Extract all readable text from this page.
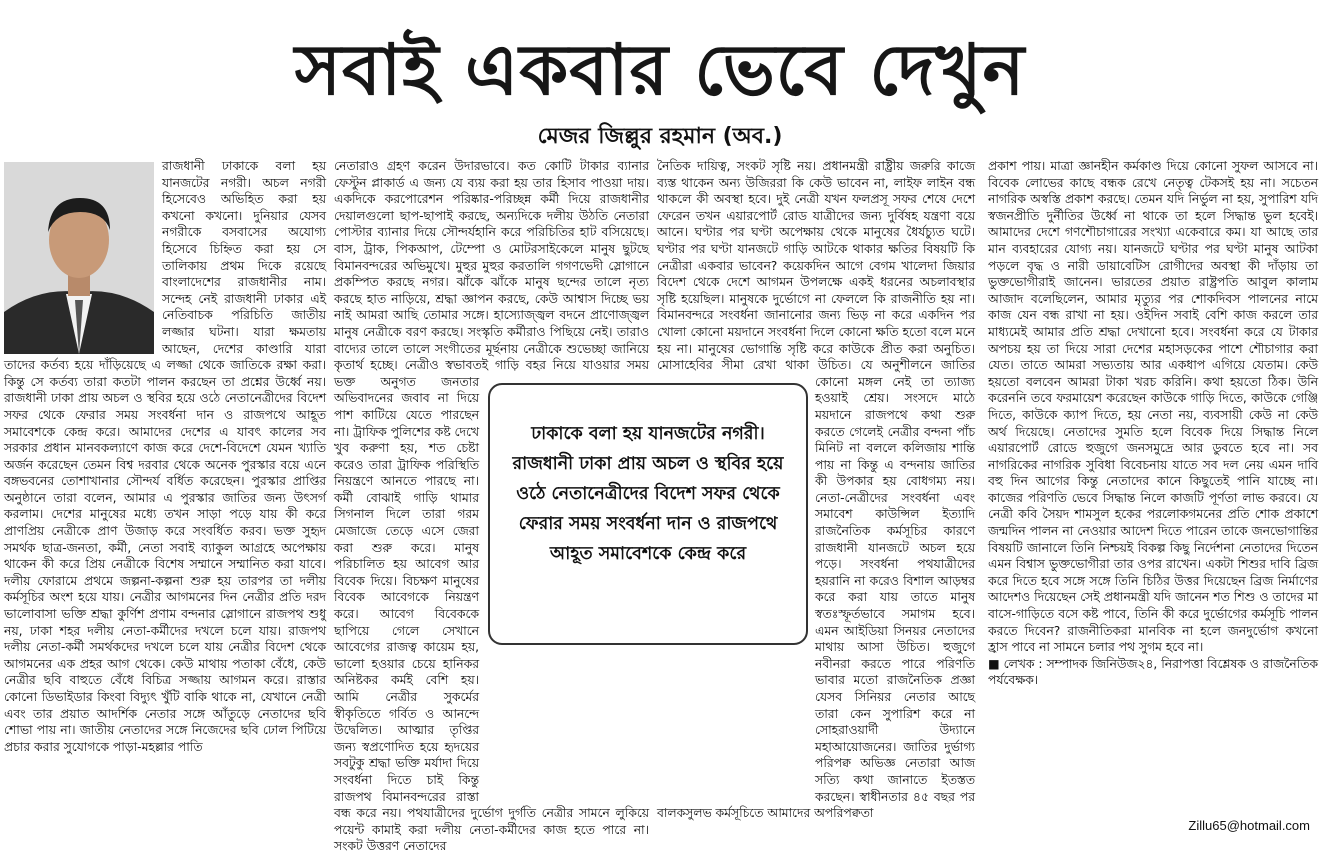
সবাই একবার ভেবে দেখুন
মেজর জিল্লুর রহমান (অব.)

রাজধানী ঢাকাকে বলা হয় যানজটের নগরী। অচল নগরী হিসেবেও অভিহিত করা হয় কখনো কখনো। দুনিয়ার যেসব নগরীকে বসবাসের অযোগ্য হিসেবে চিহ্নিত করা হয় সে তালিকায় প্রথম দিকে রয়েছে বাংলাদেশের রাজধানীর নাম। সন্দেহ নেই রাজধানী ঢাকার এই নেতিবাচক পরিচিতি জাতীয় লজ্জার ঘটনা। যারা ক্ষমতায় আছেন, দেশের কাণ্ডারি যারা তাদের কর্তব্য হয়ে দাঁড়িয়েছে এ লজ্জা থেকে জাতিকে রক্ষা করা। কিন্তু সে কর্তব্য তারা কতটা পালন করছেন তা প্রশ্নের উর্ধ্বে নয়। রাজধানী ঢাকা প্রায় অচল ও স্থবির হয়ে ওঠে নেতানেত্রীদের বিদেশ সফর থেকে ফেরার সময় সংবর্ধনা দান ও রাজপথে আহূত সমাবেশকে কেন্দ্র করে। আমাদের দেশের এ যাবৎ কালের সব সরকার প্রধান মানবকল্যাণে কাজ করে দেশে-বিদেশে যেমন খ্যাতি অর্জন করেছেন তেমন বিশ্ব দরবার থেকে অনেক পুরস্কার বয়ে এনে বঙ্গভবনের তোশাখানার সৌন্দর্য বর্ধিত করেছেন। পুরস্কার প্রাপ্তির অনুষ্ঠানে তারা বলেন, আমার এ পুরস্কার জাতির জন্য উৎসর্গ করলাম। দেশের মানুষের মধ্যে তখন সাড়া পড়ে যায় কী করে প্রাণপ্রিয় নেত্রীকে প্রাণ উজাড় করে সংবর্ধিত করব। ভক্ত সুহৃদ সমর্থক ছাত্র-জনতা, কর্মী, নেতা সবাই ব্যাকুল আগ্রহে অপেক্ষায় থাকেন কী করে প্রিয় নেত্রীকে বিশেষ সম্মানে সম্মানিত করা যাবে। দলীয় ফোরামে প্রথমে জল্পনা-কল্পনা শুরু হয় তারপর তা দলীয় কর্মসূচির অংশ হয়ে যায়। নেত্রীর আগমনের দিন নেত্রীর প্রতি দরদ ভালোবাসা ভক্তি শ্রদ্ধা কুর্ণিশ প্রণাম বন্দনার স্লোগানে রাজপথ শুধু নয়, ঢাকা শহর দলীয় নেতা-কর্মীদের দখলে চলে যায়। রাজপথ দলীয় নেতা-কর্মী সমর্থকদের দখলে চলে যায় নেত্রীর বিদেশ থেকে আগমনের এক প্রহর আগ থেকে। কেউ মাথায় পতাকা বেঁধে, কেউ নেত্রীর ছবি বাহুতে বেঁধে বিচিত্র সজ্জায় আগমন করে। রাস্তার কোনো ডিভাইডার কিংবা বিদ্যুৎ খুঁটি বাকি থাকে না, যেখানে নেত্রী এবং তার প্রয়াত আদর্শিক নেতার সঙ্গে আঁতুড়ে নেতাদের ছবি শোভা পায় না। জাতীয় নেতাদের সঙ্গে নিজেদের ছবি ঢোল পিটিয়ে প্রচার করার সুযোগকে পাড়া-মহল্লার পাতি

নেতারাও গ্রহণ করেন উদারভাবে। কত কোটি টাকার ব্যানার ফেস্টুন প্লাকার্ড এ জন্য যে ব্যয় করা হয় তার হিসাব পাওয়া দায়। একদিকে করপোরেশন পরিষ্কার-পরিচ্ছন্ন কর্মী দিয়ে রাজধানীর দেয়ালগুলো ছাপ-ছাপাই করছে, অন্যদিকে দলীয় উঠতি নেতারা পোস্টার ব্যানার দিয়ে সৌন্দর্যহানি করে পরিচিতির হাট বসিয়েছে। বাস, ট্রাক, পিকআপ, টেম্পো ও মোটরসাইকেলে মানুষ ছুটছে বিমানবন্দরের অভিমুখে। মুহুর মুহুর করতালি গগণভেদী স্লোগানে প্রকম্পিত করছে নগর। ঝাঁকে ঝাঁকে মানুষ ছন্দের তালে নৃত্য করছে হাত নাড়িয়ে, শ্রদ্ধা জ্ঞাপন করছে, কেউ আশ্বাস দিচ্ছে ভয় নাই আমরা আছি তোমার সঙ্গে। হাস্যোজ্জ্বল বদনে প্রাণোজ্জ্বল মানুষ নেত্রীকে বরণ করছে। সংস্কৃতি কর্মীরাও পিছিয়ে নেই। তারাও বাদ্যের তালে তালে সংগীতের মূর্ছনায় নেত্রীকে শুভেচ্ছা জানিয়ে কৃতার্থ হচ্ছে। নেত্রীও স্বভাবতই গাড়ি বহর নিয়ে যাওয়ার সময় ভক্ত অনুগত জনতার অভিবাদনের জবাব না দিয়ে পাশ কাটিয়ে যেতে পারছেন না। ট্রাফিক পুলিশের কষ্ট দেখে খুব করুণা হয়, শত চেষ্টা করেও তারা ট্রাফিক পরিস্থিতি নিয়ন্ত্রণে আনতে পারছে না। কর্মী বোঝাই গাড়ি থামার সিগনাল দিলে তারা গরম মেজাজে তেড়ে এসে জেরা করা শুরু করে। মানুষ পরিচালিত হয় আবেগ আর বিবেক দিয়ে। বিচক্ষণ মানুষের বিবেক আবেগকে নিয়ন্ত্রণ করে। আবেগ বিবেককে ছাপিয়ে গেলে সেখানে আবেগের রাজত্ব কায়েম হয়, ভালো হওয়ার চেয়ে হানিকর অনিষ্টকর কর্মই বেশি হয়। আমি নেত্রীর সুকর্মের স্বীকৃতিতে গর্বিত ও আনন্দে উদ্বেলিত। আত্মার তৃপ্তির জন্য স্বপ্রণোদিত হয়ে হৃদয়ের সবটুকু শ্রদ্ধা ভক্তি মর্যাদা দিয়ে সংবর্ধনা দিতে চাই কিন্তু রাজপথ বিমানবন্দরের রাস্তা বন্ধ করে নয়। পথযাত্রীদের দুর্ভোগ দুর্গতি নেত্রীর সামনে লুকিয়ে পয়েন্ট কামাই করা দলীয় নেতা-কর্মীদের কাজ হতে পারে না। সংকট উত্তরণ নেতাদের

নৈতিক দায়িত্ব, সংকট সৃষ্টি নয়। প্রধানমন্ত্রী রাষ্ট্রীয় জরুরি কাজে ব্যস্ত থাকেন অন্য উজিররা কি কেউ ভাবেন না, লাইফ লাইন বন্ধ থাকলে কী অবস্থা হবে। দুই নেত্রী যখন ফলপ্রসূ সফর শেষে দেশে ফেরেন তখন এয়ারপোর্ট রোড যাত্রীদের জন্য দুর্বিষহ যন্ত্রণা বয়ে আনে। ঘণ্টার পর ঘণ্টা অপেক্ষায় থেকে মানুষের ধৈর্যচ্যুত ঘটে। ঘণ্টার পর ঘণ্টা যানজটে গাড়ি আটকে থাকার ক্ষতির বিষয়টি কি নেত্রীরা একবার ভাবেন? কয়েকদিন আগে বেগম খালেদা জিয়ার বিদেশ থেকে দেশে আগমন উপলক্ষে একই ধরনের অচলাবস্থার সৃষ্টি হয়েছিল। মানুষকে দুর্ভোগে না ফেললে কি রাজনীতি হয় না। বিমানবন্দরে সংবর্ধনা জানানোর জন্য ভিড় না করে একদিন পর খোলা কোনো ময়দানে সংবর্ধনা দিলে কোনো ক্ষতি হতো বলে মনে হয় না। মানুষের ভোগান্তি সৃষ্টি করে কাউকে প্রীত করা অনুচিত। মোসাহেবির সীমা রেখা থাকা উচিত। যে অনুশীলনে জাতির কোনো মঙ্গল নেই তা ত্যাজ্য হওয়াই শ্রেয়। সংসদে মাঠে ময়দানে রাজপথে কথা শুরু করতে গেলেই নেত্রীর বন্দনা পাঁচ মিনিট না বললে কলিজায় শান্তি পায় না কিন্তু এ বন্দনায় জাতির কী উপকার হয় বোধগম্য নয়। নেতা-নেত্রীদের সংবর্ধনা এবং সমাবেশ কাউন্সিল ইত্যাদি রাজনৈতিক কর্মসূচির কারণে রাজধানী যানজটে অচল হয়ে পড়ে। সংবর্ধনা পথযাত্রীদের হয়রানি না করেও বিশাল আড়ম্বর করে করা যায় তাতে মানুষ স্বতঃস্ফূর্তভাবে সমাগম হবে। এমন আইডিয়া সিনয়র নেতাদের মাথায় আসা উচিত। হুজুগে নবীনরা করতে পারে পরিণতি ভাবার মতো রাজনৈতিক প্রজ্ঞা যেসব সিনিয়র নেতার আছে তারা কেন সুপারিশ করে না সোহরাওয়ার্দী উদ্যানে মহাআয়োজনের। জাতির দুর্ভাগ্য পরিপক্ব অভিজ্ঞ নেতারা আজ সত্যি কথা জানাতে ইতস্তত করছেন। স্বাধীনতার ৪৫ বছর পর বালকসুলভ কর্মসূচিতে আমাদের অপরিপক্বতা

প্রকাশ পায়। মাত্রা জ্ঞানহীন কর্মকাণ্ড দিয়ে কোনো সুফল আসবে না। বিবেক লোভের কাছে বন্ধক রেখে নেতৃত্ব টেকসই হয় না। সচেতন নাগরিক অস্বস্তি প্রকাশ করছে। তেমন যদি নির্ভুল না হয়, সুপারিশ যদি স্বজনপ্রীতি দুর্নীতির উর্ধ্বে না থাকে তা হলে সিদ্ধান্ত ভুল হবেই। আমাদের দেশে গণশৌচাগারের সংখ্যা একেবারে কম। যা আছে তার মান ব্যবহারের যোগ্য নয়। যানজটে ঘণ্টার পর ঘণ্টা মানুষ আটকা পড়লে বৃদ্ধ ও নারী ডায়াবেটিস রোগীদের অবস্থা কী দাঁড়ায় তা ভুক্তভোগীরাই জানেন। ভারতের প্রয়াত রাষ্ট্রপতি আবুল কালাম আজাদ বলেছিলেন, আমার মৃত্যুর পর শোকদিবস পালনের নামে কাজ যেন বন্ধ রাখা না হয়। ওইদিন সবাই বেশি কাজ করলে তার মাধ্যমেই আমার প্রতি শ্রদ্ধা দেখানো হবে। সংবর্ধনা করে যে টাকার অপচয় হয় তা দিয়ে সারা দেশের মহাসড়কের পাশে শৌচাগার করা যেত। তাতে আমরা সভ্যতায় আর একধাপ এগিয়ে যেতাম। কেউ হয়তো বলবেন আমরা টাকা খরচ করিনি। কথা হয়তো ঠিক। উনি করেননি তবে ফরমায়েশ করেছেন কাউকে গাড়ি দিতে, কাউকে গেঞ্জি দিতে, কাউকে ক্যাপ দিতে, হয় নেতা নয়, ব্যবসায়ী কেউ না কেউ অর্থ দিয়েছে। নেতাদের সুমতি হলে বিবেক দিয়ে সিদ্ধান্ত নিলে এয়ারপোর্ট রোডে হুজুগে জনসমুদ্রে আর ডুবতে হবে না। সব নাগরিকের নাগরিক সুবিধা বিবেচনায় যাতে সব দল নেয় এমন দাবি বহু দিন আগের কিন্তু নেতাদের কানে কিছুতেই পানি যাচ্ছে না। কাজের পরিণতি ভেবে সিদ্ধান্ত নিলে কাজটি পূর্ণতা লাভ করবে। যে নেত্রী কবি সৈয়দ শামসুল হকের পরলোকগমনের প্রতি শোক প্রকাশে জন্মদিন পালন না নেওয়ার আদেশ দিতে পারেন তাকে জনভোগান্তির বিষয়টি জানালে তিনি নিশ্চয়ই বিকল্প কিছু নির্দেশনা নেতাদের দিতেন এমন বিশ্বাস ভুক্তভোগীরা তার ওপর রাখেন। একটা শিশুর দাবি ব্রিজ করে দিতে হবে সঙ্গে সঙ্গে তিনি চিঠির উত্তর দিয়েছেন ব্রিজ নির্মাণের আদেশও দিয়েছেন সেই প্রধানমন্ত্রী যদি জানেন শত শিশু ও তাদের মা বাসে-গাড়িতে বসে কষ্ট পাবে, তিনি কী করে দুর্ভোগের কর্মসূচি পালন করতে দিবেন? রাজনীতিকরা মানবিক না হলে জনদুর্ভোগ কখনো হ্রাস পাবে না সামনে চলার পথ সুগম হবে না।

■ লেখক : সম্পাদক জিনিউজ২৪, নিরাপত্তা বিশ্লেষক ও রাজনৈতিক পর্যবেক্ষক।

Zillu65@hotmail.com

ঢাকাকে বলা হয় যানজটের নগরী। রাজধানী ঢাকা প্রায় অচল ও স্থবির হয়ে ওঠে নেতানেত্রীদের বিদেশ সফর থেকে ফেরার সময় সংবর্ধনা দান ও রাজপথে আহূত সমাবেশকে কেন্দ্র করে
